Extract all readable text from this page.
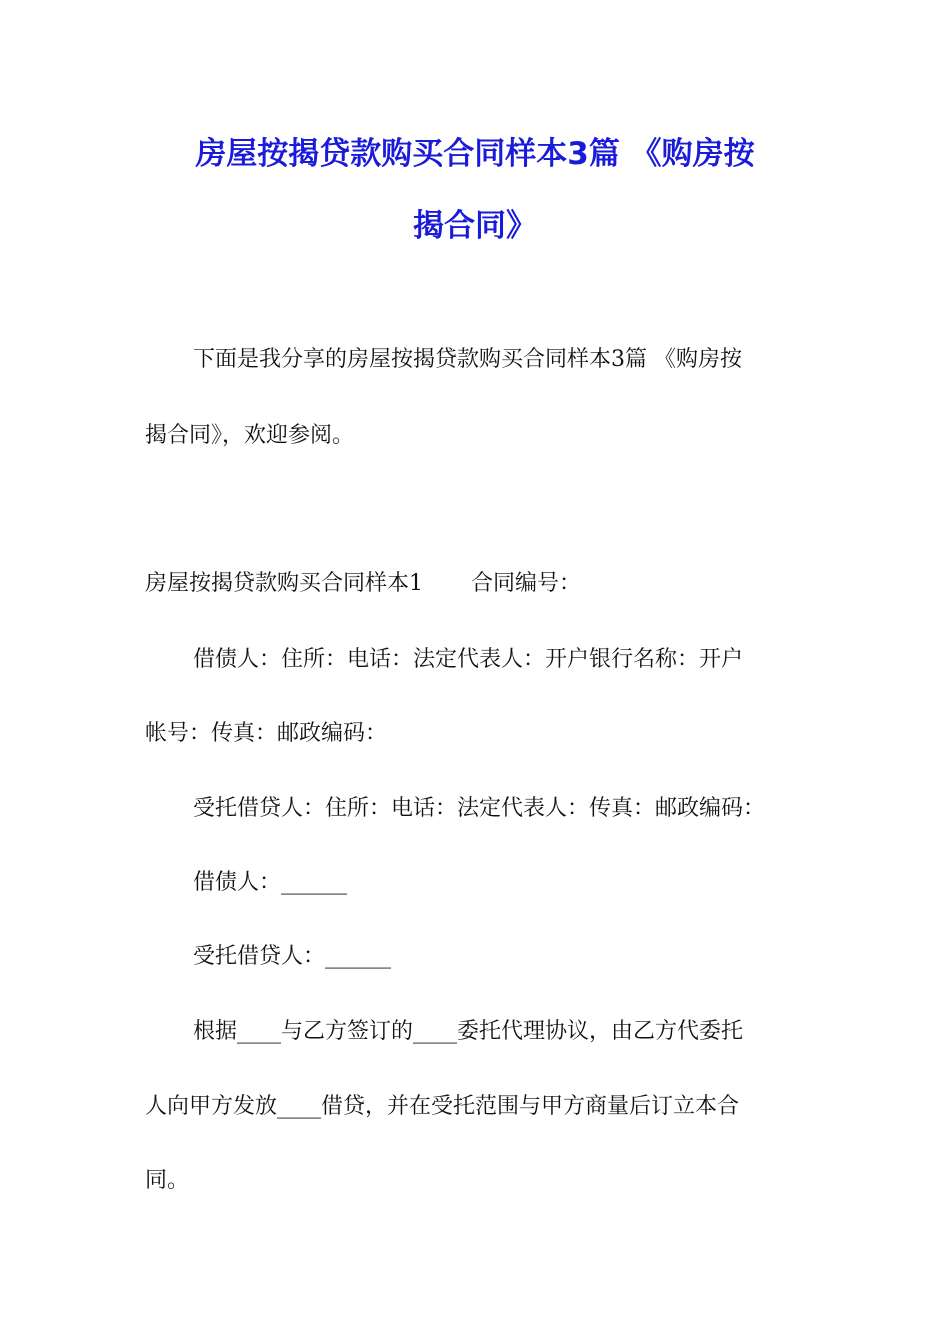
房屋按揭贷款购买合同样本3篇 《购房按
揭合同》
下面是我分享的房屋按揭贷款购买合同样本3篇 《购房按
揭合同》，欢迎参阅。
房屋按揭贷款购买合同样本1 合同编号：
借债人：住所：电话：法定代表人：开户银行名称：开户
帐号：传真：邮政编码：
受托借贷人：住所：电话：法定代表人：传真：邮政编码：
借债人：______
受托借贷人：______
根据____与乙方签订的____委托代理协议，由乙方代委托
人向甲方发放____借贷，并在受托范围与甲方商量后订立本合
同。
